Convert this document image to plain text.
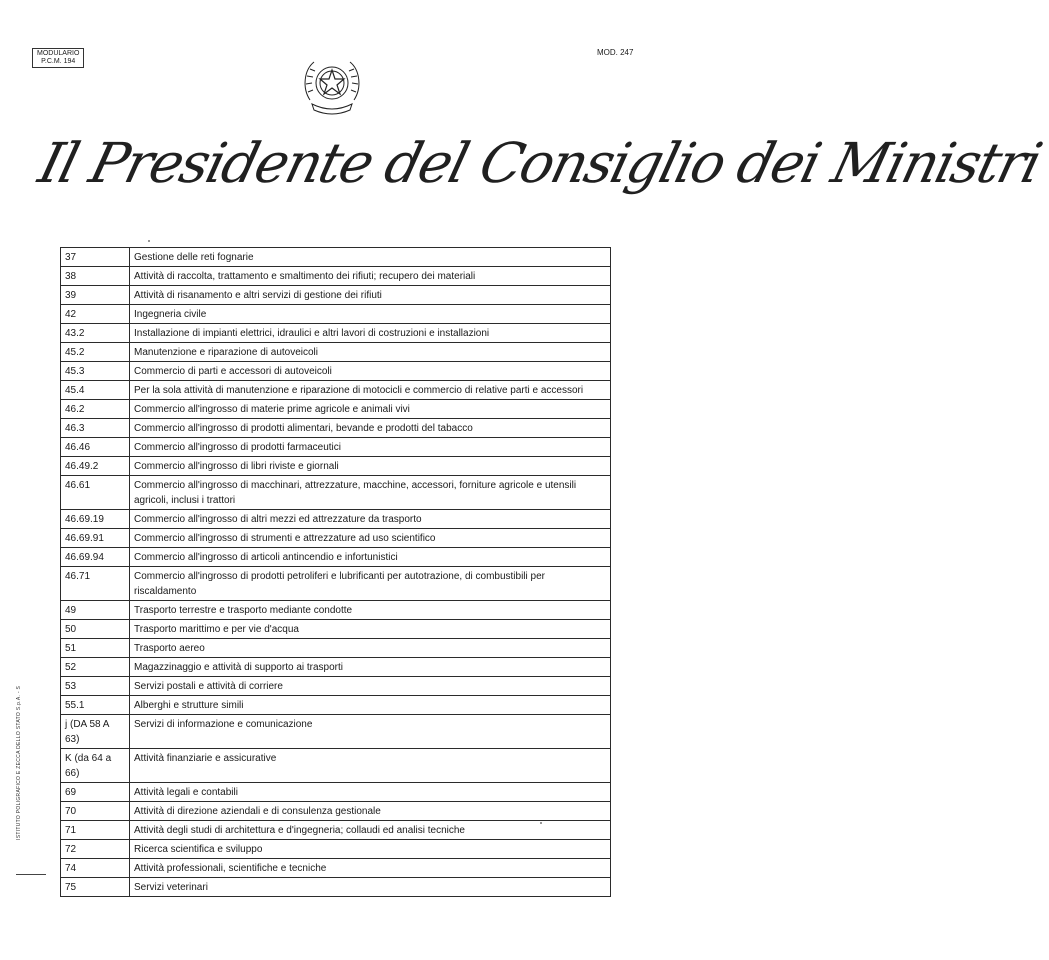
MODULARIO
P.C.M. 194
MOD. 247
Il Presidente del Consiglio dei Ministri
37	Gestione delle reti fognarie
38	Attività di raccolta, trattamento e smaltimento dei rifiuti; recupero dei materiali
39	Attività di risanamento e altri servizi di gestione dei rifiuti
42	Ingegneria civile
43.2	Installazione di impianti elettrici, idraulici e altri lavori di costruzioni e installazioni
45.2	Manutenzione e riparazione di autoveicoli
45.3	Commercio di parti e accessori di autoveicoli
45.4	Per la sola attività di manutenzione e riparazione di motocicli e commercio di relative parti e accessori
46.2	Commercio all'ingrosso di materie prime agricole e animali vivi
46.3	Commercio all'ingrosso di prodotti alimentari, bevande e prodotti del tabacco
46.46	Commercio all'ingrosso di prodotti farmaceutici
46.49.2	Commercio all'ingrosso di libri riviste e giornali
46.61	Commercio all'ingrosso di macchinari, attrezzature, macchine, accessori, forniture agricole e utensili agricoli, inclusi i trattori
46.69.19	Commercio all'ingrosso di altri mezzi ed attrezzature da trasporto
46.69.91	Commercio all'ingrosso di strumenti e attrezzature ad uso scientifico
46.69.94	Commercio all'ingrosso di articoli antincendio e infortunistici
46.71	Commercio all'ingrosso di prodotti petroliferi e lubrificanti per autotrazione, di combustibili per riscaldamento
49	Trasporto terrestre e trasporto mediante condotte
50	Trasporto marittimo e per vie d'acqua
51	Trasporto aereo
52	Magazzinaggio e attività di supporto ai trasporti
53	Servizi postali e attività di corriere
55.1	Alberghi e strutture simili
j (DA 58 A 63)	Servizi di informazione e comunicazione
K (da 64 a 66)	Attività finanziarie e assicurative
69	Attività legali e contabili
70	Attività di direzione aziendali e di consulenza gestionale
71	Attività degli studi di architettura e d'ingegneria; collaudi ed analisi tecniche
72	Ricerca scientifica e sviluppo
74	Attività professionali, scientifiche e tecniche
75	Servizi veterinari
ISTITUTO POLIGRAFICO E ZECCA DELLO STATO S.p.A. - S
